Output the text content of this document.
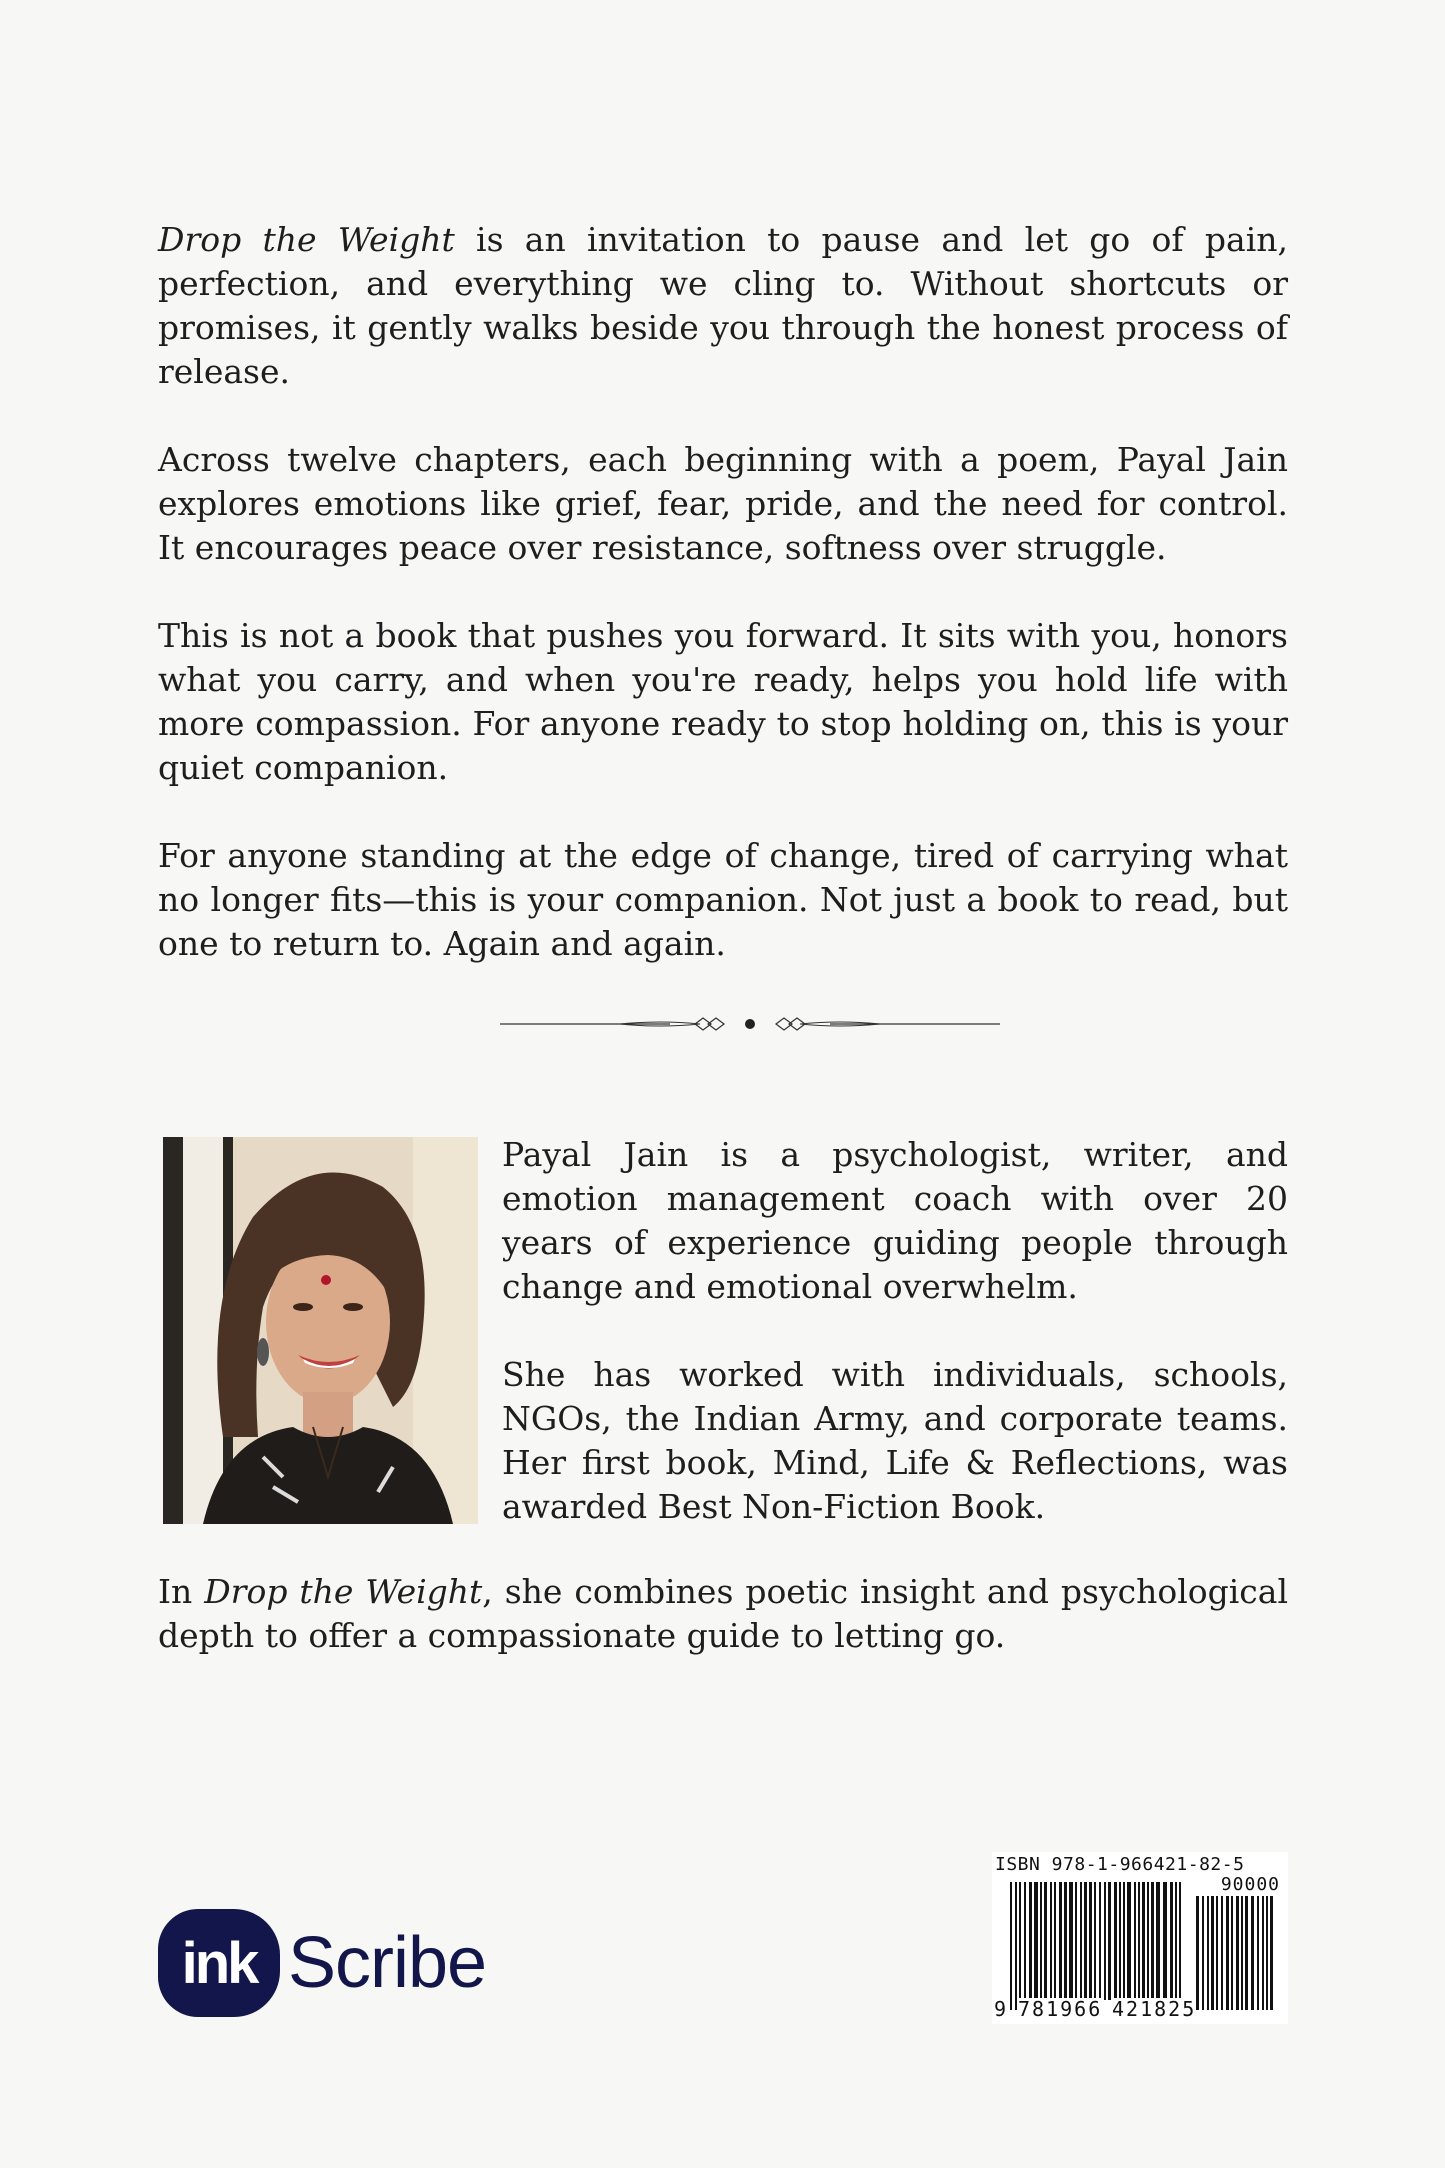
Drop the Weight is an invitation to pause and let go of pain, perfection, and everything we cling to. Without shortcuts or promises, it gently walks beside you through the honest process of release.

Across twelve chapters, each beginning with a poem, Payal Jain explores emotions like grief, fear, pride, and the need for control. It encourages peace over resistance, softness over struggle.

This is not a book that pushes you forward. It sits with you, honors what you carry, and when you're ready, helps you hold life with more compassion. For anyone ready to stop holding on, this is your quiet companion.

For anyone standing at the edge of change, tired of carrying what no longer fits—this is your companion. Not just a book to read, but one to return to. Again and again.

Payal Jain is a psychologist, writer, and emotion management coach with over 20 years of experience guiding people through change and emotional overwhelm.

She has worked with individuals, schools, NGOs, the Indian Army, and corporate teams. Her first book, Mind, Life & Reflections, was awarded Best Non-Fiction Book.

In Drop the Weight, she combines poetic insight and psychological depth to offer a compassionate guide to letting go.

ink Scribe
ISBN 978-1-966421-82-5
90000
9 781966 421825
